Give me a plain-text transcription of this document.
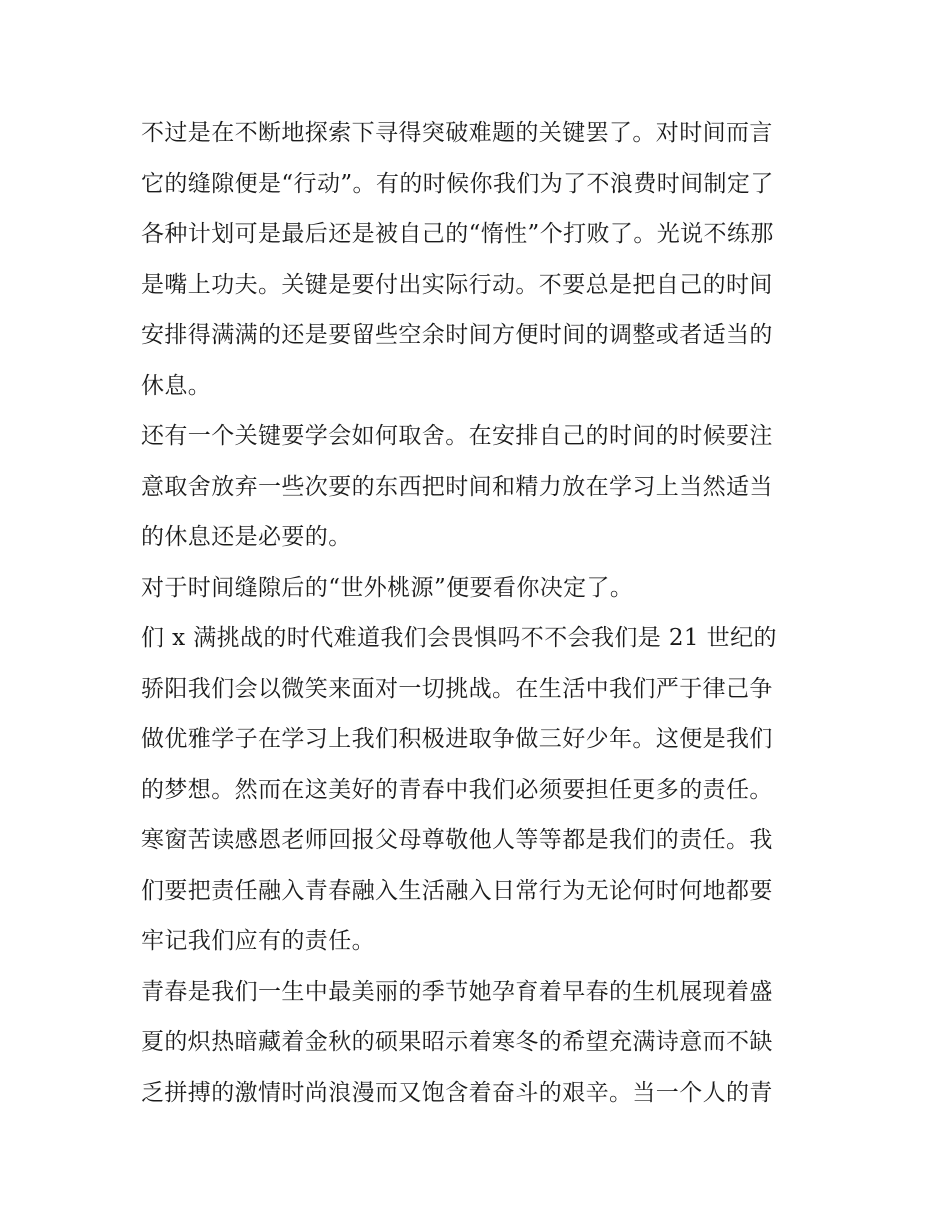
不过是在不断地探索下寻得突破难题的关键罢了。对时间而言
它的缝隙便是“行动”。有的时候你我们为了不浪费时间制定了
各种计划可是最后还是被自己的“惰性”个打败了。光说不练那
是嘴上功夫。关键是要付出实际行动。不要总是把自己的时间
安排得满满的还是要留些空余时间方便时间的调整或者适当的
休息。
还有一个关键要学会如何取舍。在安排自己的时间的时候要注
意取舍放弃一些次要的东西把时间和精力放在学习上当然适当
的休息还是必要的。
对于时间缝隙后的“世外桃源”便要看你决定了。
们 x 满挑战的时代难道我们会畏惧吗不不会我们是 21 世纪的
骄阳我们会以微笑来面对一切挑战。在生活中我们严于律己争
做优雅学子在学习上我们积极进取争做三好少年。这便是我们
的梦想。然而在这美好的青春中我们必须要担任更多的责任。
寒窗苦读感恩老师回报父母尊敬他人等等都是我们的责任。我
们要把责任融入青春融入生活融入日常行为无论何时何地都要
牢记我们应有的责任。
青春是我们一生中最美丽的季节她孕育着早春的生机展现着盛
夏的炽热暗藏着金秋的硕果昭示着寒冬的希望充满诗意而不缺
乏拼搏的激情时尚浪漫而又饱含着奋斗的艰辛。当一个人的青
